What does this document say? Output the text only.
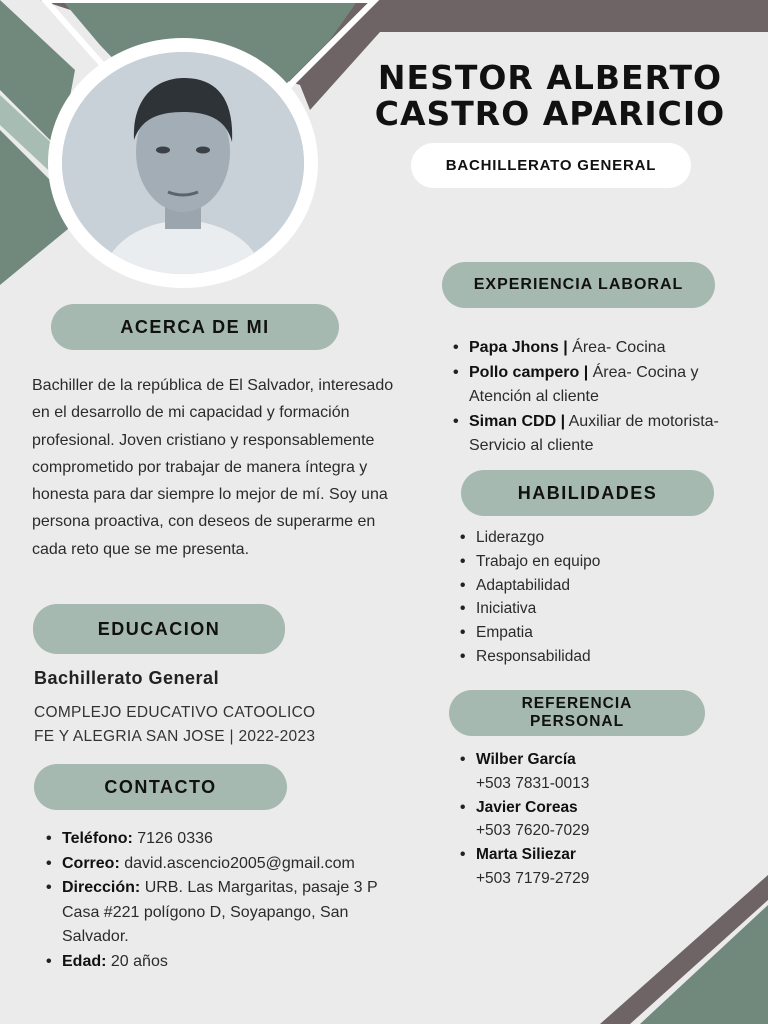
NESTOR ALBERTO
CASTRO APARICIO
BACHILLERATO GENERAL
ACERCA DE MI
EDUCACION
CONTACTO
EXPERIENCIA LABORAL
HABILIDADES
REFERENCIA PERSONAL
Bachiller de la república de El Salvador, interesado en el desarrollo de mi capacidad y formación profesional. Joven cristiano y responsablemente comprometido por trabajar de manera íntegra y honesta para dar siempre lo mejor de mí. Soy una persona proactiva, con deseos de superarme en cada reto que se me presenta.
Bachillerato General
COMPLEJO EDUCATIVO CATOOLICO
FE Y ALEGRIA SAN JOSE | 2022-2023
• Teléfono: 7126 0336
• Correo: david.ascencio2005@gmail.com
• Dirección: URB. Las Margaritas, pasaje 3 P Casa #221 polígono D, Soyapango, San Salvador.
• Edad: 20 años
• Papa Jhons | Área- Cocina
• Pollo campero | Área- Cocina y Atención al cliente
• Siman CDD | Auxiliar de motorista- Servicio al cliente
• Liderazgo
• Trabajo en equipo
• Adaptabilidad
• Iniciativa
• Empatia
• Responsabilidad
• Wilber García
+503 7831-0013
• Javier Coreas
+503 7620-7029
• Marta Siliezar
+503 7179-2729
